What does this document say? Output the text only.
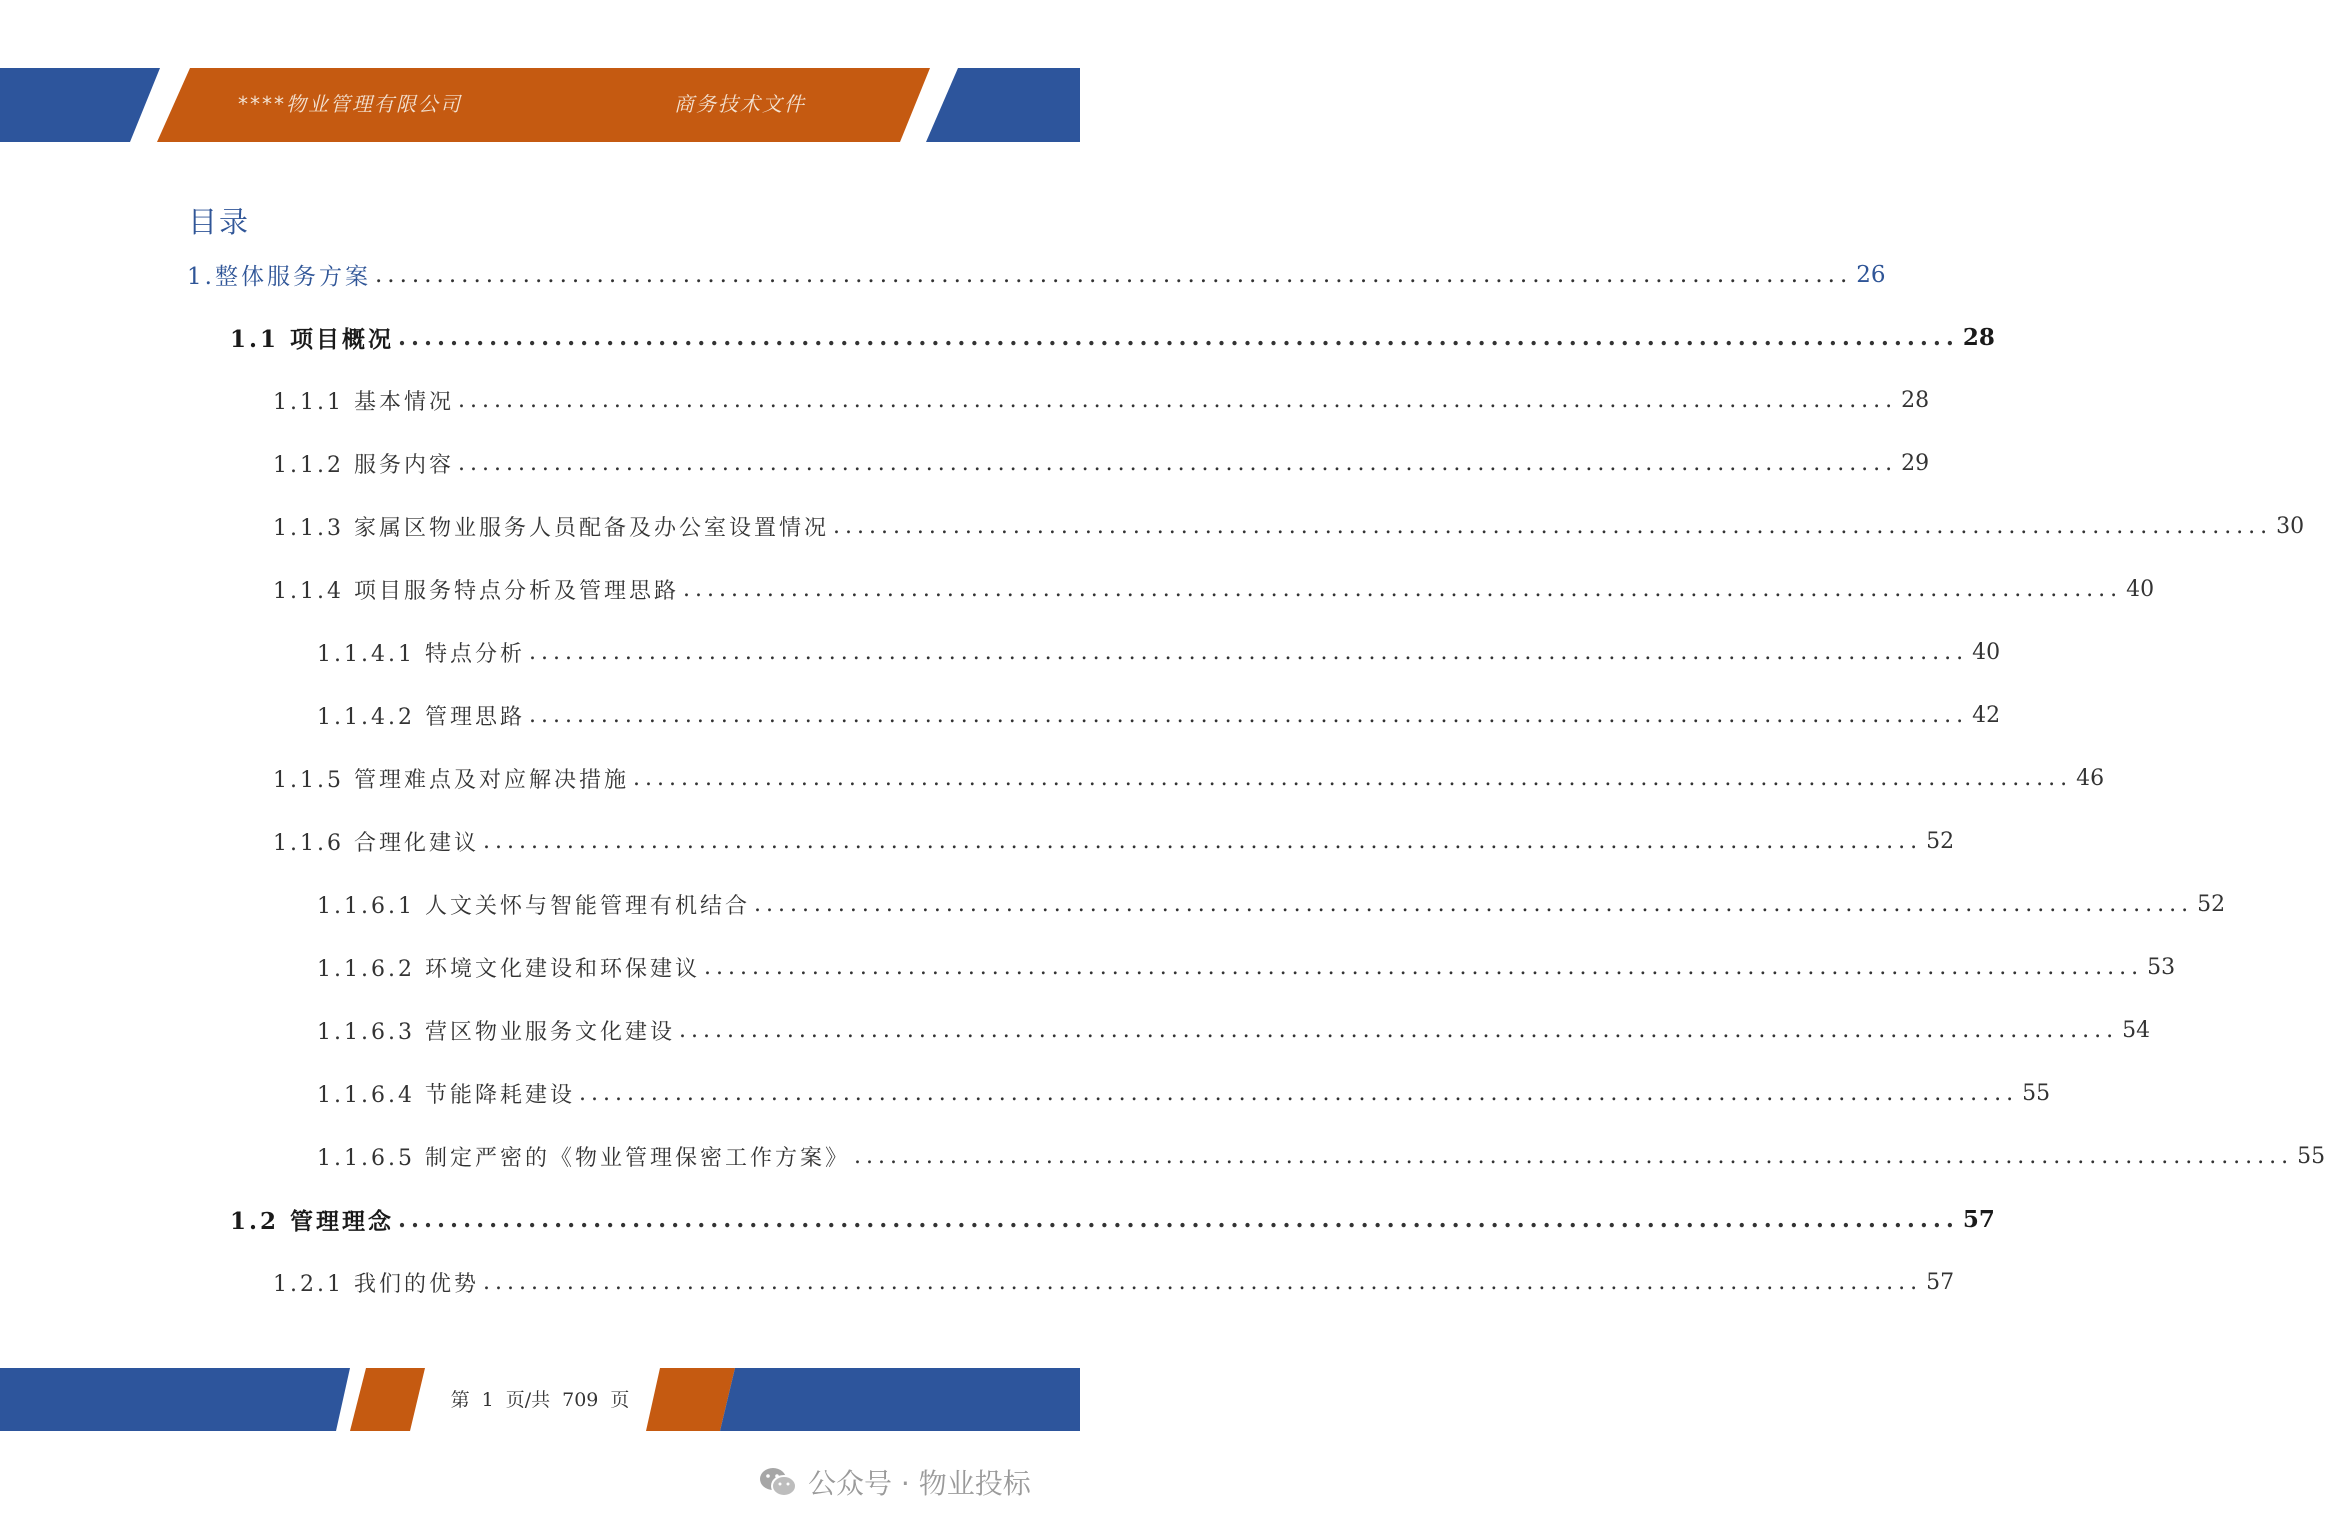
****物业管理有限公司	商务技术文件
目录
1.整体服务方案 ........................................................................................................................ 26
1.1 项目概况 ........................................................................................................................ 28
1.1.1 基本情况 ........................................................................................................................ 28
1.1.2 服务内容 ........................................................................................................................ 29
1.1.3 家属区物业服务人员配备及办公室设置情况 ........................................................................................................................ 30
1.1.4 项目服务特点分析及管理思路 ........................................................................................................................ 40
1.1.4.1 特点分析 ........................................................................................................................ 40
1.1.4.2 管理思路 ........................................................................................................................ 42
1.1.5 管理难点及对应解决措施 ........................................................................................................................ 46
1.1.6 合理化建议 ........................................................................................................................ 52
1.1.6.1 人文关怀与智能管理有机结合 ........................................................................................................................ 52
1.1.6.2 环境文化建设和环保建议 ........................................................................................................................ 53
1.1.6.3 营区物业服务文化建设 ........................................................................................................................ 54
1.1.6.4 节能降耗建设 ........................................................................................................................ 55
1.1.6.5 制定严密的《物业管理保密工作方案》 ........................................................................................................................ 55
1.2 管理理念 ........................................................................................................................ 57
1.2.1 我们的优势 ........................................................................................................................ 57
第 1 页/共 709 页
公众号 · 物业投标
